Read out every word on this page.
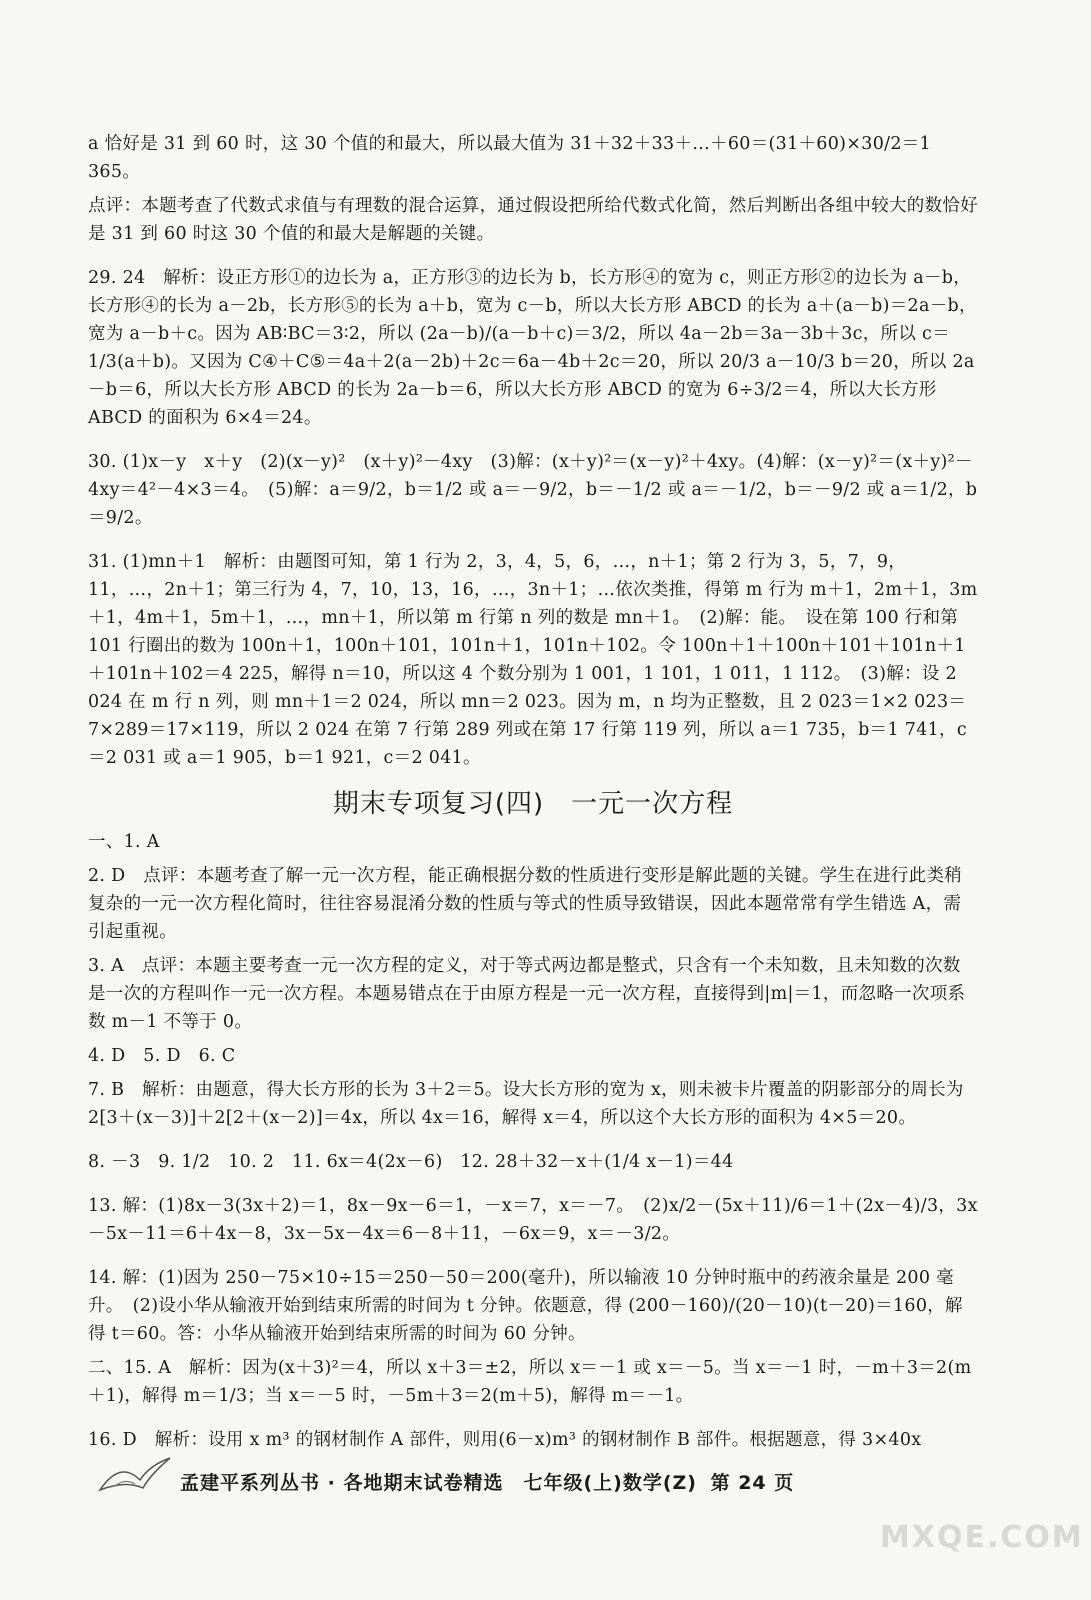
a 恰好是 31 到 60 时，这 30 个值的和最大，所以最大值为 31＋32＋33＋…＋60＝(31＋60)×30/2＝1 365。
点评：本题考查了代数式求值与有理数的混合运算，通过假设把所给代数式化简，然后判断出各组中较大的数恰好是 31 到 60 时这 30 个值的和最大是解题的关键。
29. 24　解析：设正方形①的边长为 a，正方形③的边长为 b，长方形④的宽为 c，则正方形②的边长为 a－b，长方形④的长为 a－2b，长方形⑤的长为 a＋b，宽为 c－b，所以大长方形 ABCD 的长为 a＋(a－b)＝2a－b，宽为 a－b＋c。因为 AB∶BC＝3∶2，所以 (2a－b)/(a－b＋c)＝3/2，所以 4a－2b＝3a－3b＋3c，所以 c＝1/3(a＋b)。又因为 C④＋C⑤＝4a＋2(a－2b)＋2c＝6a－4b＋2c＝20，所以 20/3 a－10/3 b＝20，所以 2a－b＝6，所以大长方形 ABCD 的长为 2a－b＝6，所以大长方形 ABCD 的宽为 6÷3/2＝4，所以大长方形 ABCD 的面积为 6×4＝24。
30. (1)x－y　x＋y　(2)(x－y)²　(x＋y)²－4xy　(3)解：(x＋y)²＝(x－y)²＋4xy。(4)解：(x－y)²＝(x＋y)²－4xy＝4²－4×3＝4。　(5)解：a＝9/2，b＝1/2 或 a＝－9/2，b＝－1/2 或 a＝－1/2，b＝－9/2 或 a＝1/2，b＝9/2。
31. (1)mn＋1　解析：由题图可知，第 1 行为 2，3，4，5，6，…，n＋1；第 2 行为 3，5，7，9，11，…，2n＋1；第三行为 4，7，10，13，16，…，3n＋1；…依次类推，得第 m 行为 m＋1，2m＋1，3m＋1，4m＋1，5m＋1，…，mn＋1，所以第 m 行第 n 列的数是 mn＋1。　(2)解：能。　设在第 100 行和第 101 行圈出的数为 100n＋1，100n＋101，101n＋1，101n＋102。令 100n＋1＋100n＋101＋101n＋1＋101n＋102＝4 225，解得 n＝10，所以这 4 个数分别为 1 001，1 101，1 011，1 112。　(3)解：设 2 024 在 m 行 n 列，则 mn＋1＝2 024，所以 mn＝2 023。因为 m，n 均为正整数，且 2 023＝1×2 023＝7×289＝17×119，所以 2 024 在第 7 行第 289 列或在第 17 行第 119 列，所以 a＝1 735，b＝1 741，c＝2 031 或 a＝1 905，b＝1 921，c＝2 041。
期末专项复习(四)　一元一次方程
一、1. A
2. D　点评：本题考查了解一元一次方程，能正确根据分数的性质进行变形是解此题的关键。学生在进行此类稍复杂的一元一次方程化简时，往往容易混淆分数的性质与等式的性质导致错误，因此本题常常有学生错选 A，需引起重视。
3. A　点评：本题主要考查一元一次方程的定义，对于等式两边都是整式，只含有一个未知数，且未知数的次数是一次的方程叫作一元一次方程。本题易错点在于由原方程是一元一次方程，直接得到|m|＝1，而忽略一次项系数 m－1 不等于 0。
4. D　5. D　6. C
7. B　解析：由题意，得大长方形的长为 3＋2＝5。设大长方形的宽为 x，则未被卡片覆盖的阴影部分的周长为 2[3＋(x－3)]＋2[2＋(x－2)]＝4x，所以 4x＝16，解得 x＝4，所以这个大长方形的面积为 4×5＝20。
8. －3　9. 1/2　10. 2　11. 6x＝4(2x－6)　12. 28＋32－x＋(1/4 x－1)＝44
13. 解：(1)8x－3(3x＋2)＝1，8x－9x－6＝1，－x＝7，x＝－7。　(2)x/2－(5x＋11)/6＝1＋(2x－4)/3，3x－5x－11＝6＋4x－8，3x－5x－4x＝6－8＋11，－6x＝9，x＝－3/2。
14. 解：(1)因为 250－75×10÷15＝250－50＝200(毫升)，所以输液 10 分钟时瓶中的药液余量是 200 毫升。　(2)设小华从输液开始到结束所需的时间为 t 分钟。依题意，得 (200－160)/(20－10)(t－20)＝160，解得 t＝60。答：小华从输液开始到结束所需的时间为 60 分钟。
二、15. A　解析：因为(x＋3)²＝4，所以 x＋3＝±2，所以 x＝－1 或 x＝－5。当 x＝－1 时，－m＋3＝2(m＋1)，解得 m＝1/3；当 x＝－5 时，－5m＋3＝2(m＋5)，解得 m＝－1。
16. D　解析：设用 x m³ 的钢材制作 A 部件，则用(6－x)m³ 的钢材制作 B 部件。根据题意，得 3×40x
孟建平系列丛书 · 各地期末试卷精选　七年级(上)数学(Z) 第 24 页
MXQE.COM
